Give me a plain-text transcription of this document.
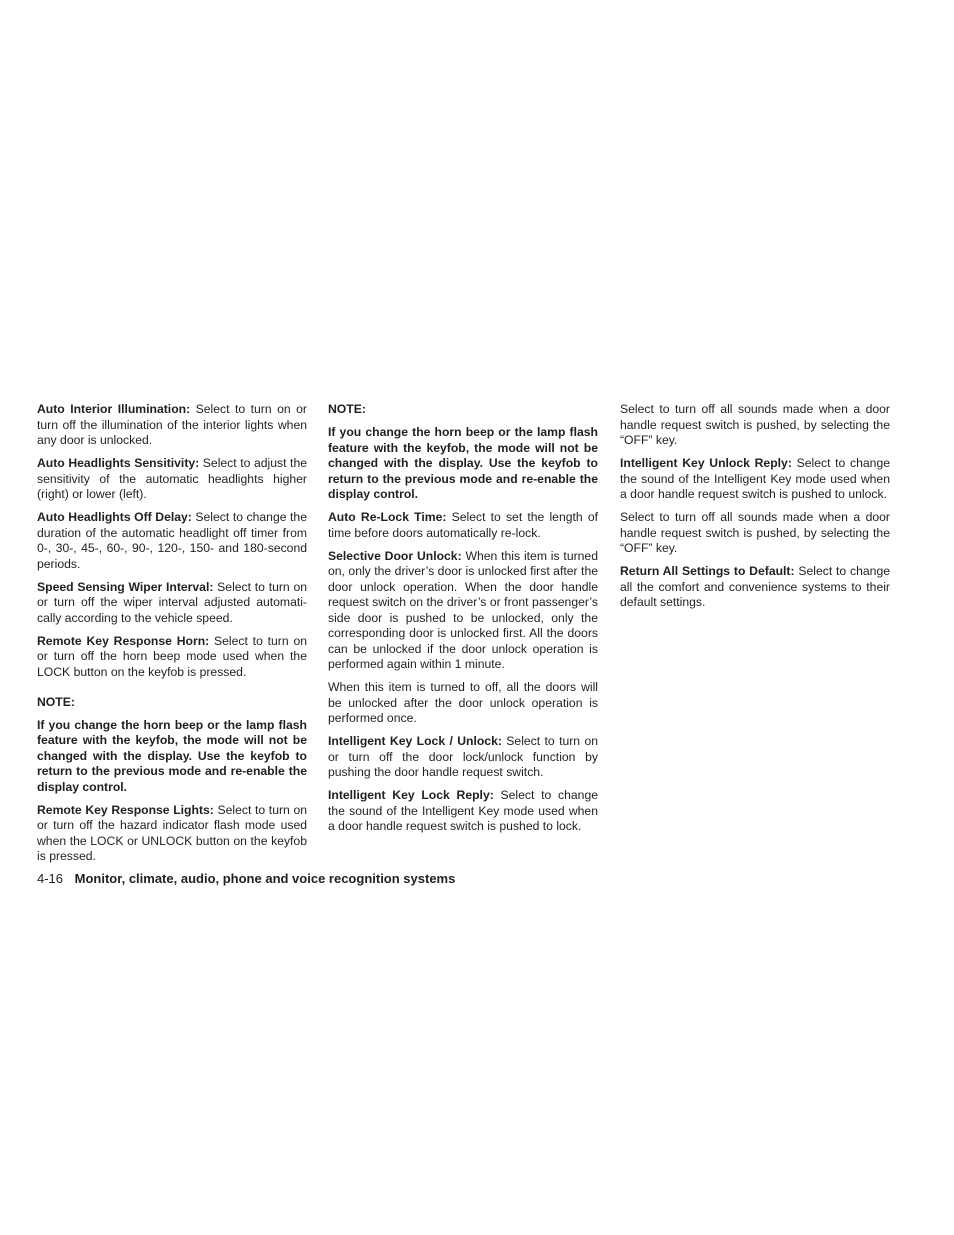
Auto Interior Illumination: Select to turn on or turn off the illumination of the interior lights when any door is unlocked.

Auto Headlights Sensitivity: Select to adjust the sensitivity of the automatic headlights higher (right) or lower (left).

Auto Headlights Off Delay: Select to change the duration of the automatic headlight off timer from 0-, 30-, 45-, 60-, 90-, 120-, 150- and 180-second periods.

Speed Sensing Wiper Interval: Select to turn on or turn off the wiper interval adjusted automati-cally according to the vehicle speed.

Remote Key Response Horn: Select to turn on or turn off the horn beep mode used when the LOCK button on the keyfob is pressed.

NOTE:

If you change the horn beep or the lamp flash feature with the keyfob, the mode will not be changed with the display. Use the keyfob to return to the previous mode and re-enable the display control.

Remote Key Response Lights: Select to turn on or turn off the hazard indicator flash mode used when the LOCK or UNLOCK button on the keyfob is pressed.

NOTE:

If you change the horn beep or the lamp flash feature with the keyfob, the mode will not be changed with the display. Use the keyfob to return to the previous mode and re-enable the display control.

Auto Re-Lock Time: Select to set the length of time before doors automatically re-lock.

Selective Door Unlock: When this item is turned on, only the driver’s door is unlocked first after the door unlock operation. When the door handle request switch on the driver’s or front passenger’s side door is pushed to be unlocked, only the corresponding door is unlocked first. All the doors can be unlocked if the door unlock operation is performed again within 1 minute.

When this item is turned to off, all the doors will be unlocked after the door unlock operation is performed once.

Intelligent Key Lock / Unlock: Select to turn on or turn off the door lock/unlock function by pushing the door handle request switch.

Intelligent Key Lock Reply: Select to change the sound of the Intelligent Key mode used when a door handle request switch is pushed to lock.

Select to turn off all sounds made when a door handle request switch is pushed, by selecting the “OFF” key.

Intelligent Key Unlock Reply: Select to change the sound of the Intelligent Key mode used when a door handle request switch is pushed to unlock.

Select to turn off all sounds made when a door handle request switch is pushed, by selecting the “OFF” key.

Return All Settings to Default: Select to change all the comfort and convenience systems to their default settings.

4-16 Monitor, climate, audio, phone and voice recognition systems
